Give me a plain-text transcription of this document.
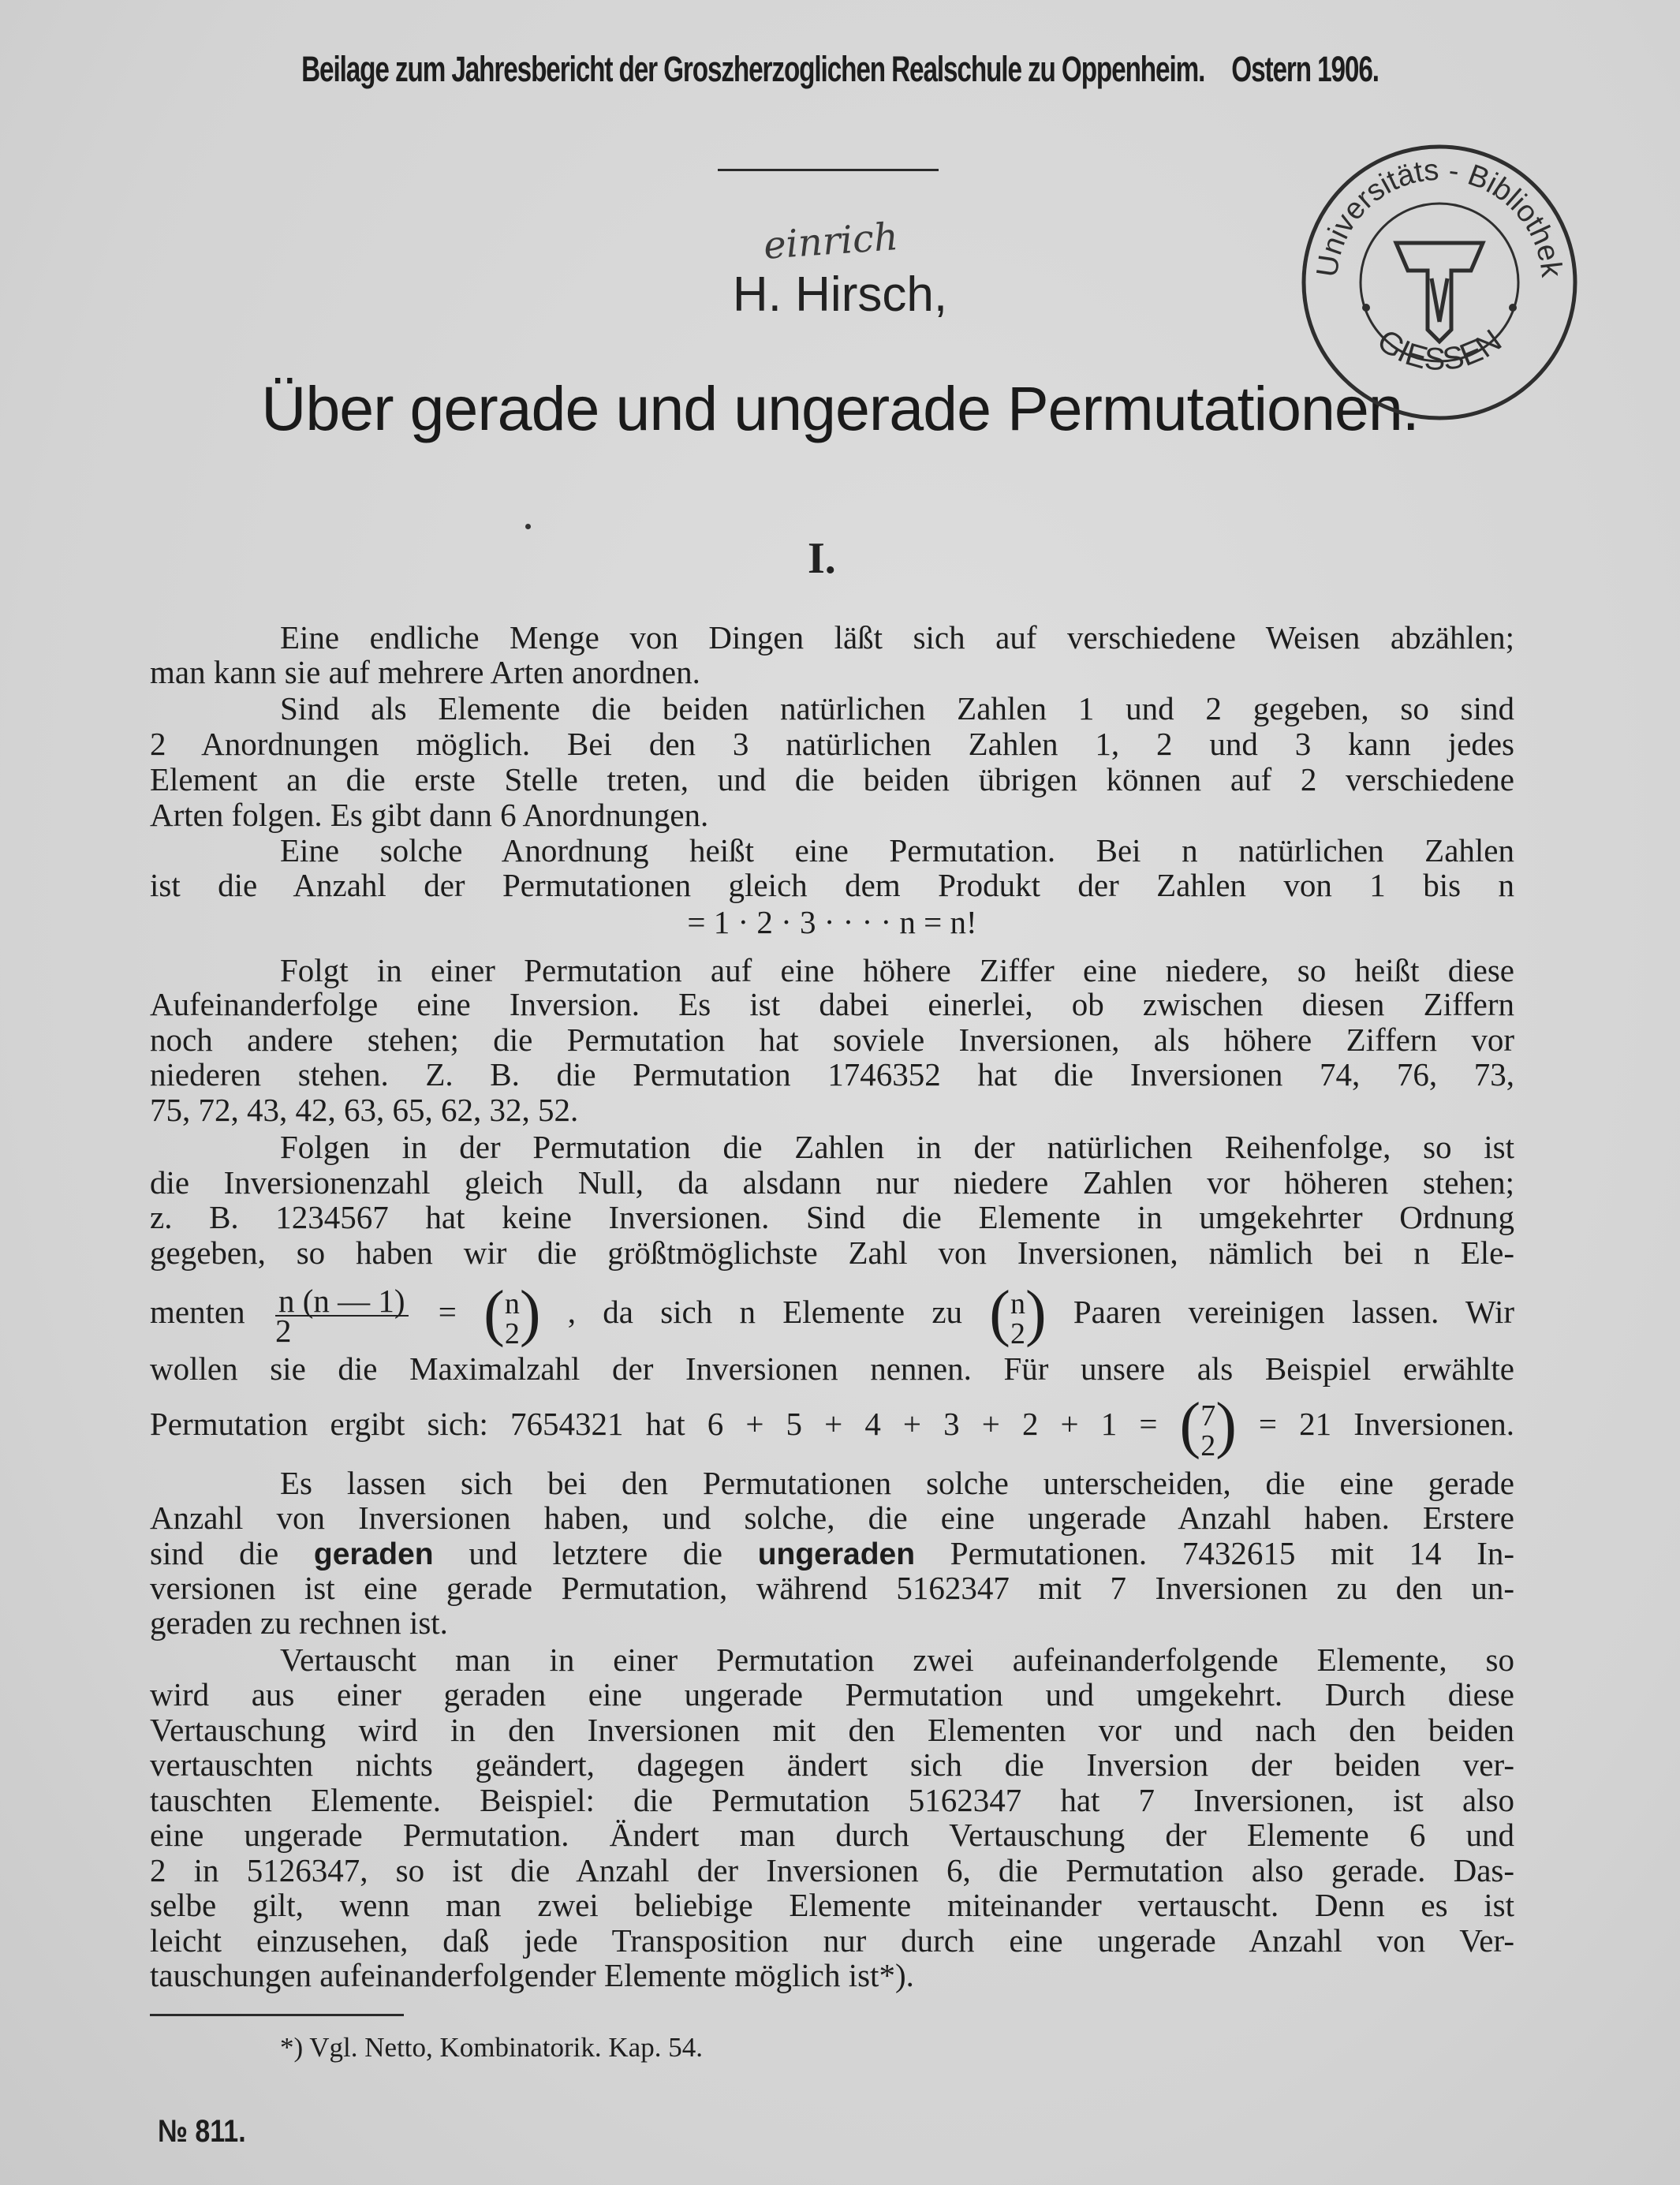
Beilage zum Jahresbericht der Groszherzoglichen Realschule zu Oppenheim. Ostern 1906.
einrich
H. Hirsch,
Über gerade und ungerade Permutationen.
I.
Universitäts - Bibliothek
GIESSEN
Eine endliche Menge von Dingen läßt sich auf verschiedene Weisen abzählen;
man kann sie auf mehrere Arten anordnen.
Sind als Elemente die beiden natürlichen Zahlen 1 und 2 gegeben, so sind
2 Anordnungen möglich. Bei den 3 natürlichen Zahlen 1, 2 und 3 kann jedes
Element an die erste Stelle treten, und die beiden übrigen können auf 2 verschiedene
Arten folgen. Es gibt dann 6 Anordnungen.
Eine solche Anordnung heißt eine Permutation. Bei n natürlichen Zahlen
ist die Anzahl der Permutationen gleich dem Produkt der Zahlen von 1 bis n
= 1 · 2 · 3 · · · · n = n!
Folgt in einer Permutation auf eine höhere Ziffer eine niedere, so heißt diese
Aufeinanderfolge eine Inversion. Es ist dabei einerlei, ob zwischen diesen Ziffern
noch andere stehen; die Permutation hat soviele Inversionen, als höhere Ziffern vor
niederen stehen. Z. B. die Permutation 1746352 hat die Inversionen 74, 76, 73,
75, 72, 43, 42, 63, 65, 62, 32, 52.
Folgen in der Permutation die Zahlen in der natürlichen Reihenfolge, so ist
die Inversionenzahl gleich Null, da alsdann nur niedere Zahlen vor höheren stehen;
z. B. 1234567 hat keine Inversionen. Sind die Elemente in umgekehrter Ordnung
gegeben, so haben wir die größtmöglichste Zahl von Inversionen, nämlich bei n Ele-
menten $\frac{n (n — 1)}{2} = (n$
2) , da sich n Elemente zu (n
2) Paaren vereinigen lassen. Wir
wollen sie die Maximalzahl der Inversionen nennen. Für unsere als Beispiel erwählte
Permutation ergibt sich: 7654321 hat 6 + 5 + 4 + 3 + 2 + 1 = (7
2) = 21 Inversionen.
Es lassen sich bei den Permutationen solche unterscheiden, die eine gerade
Anzahl von Inversionen haben, und solche, die eine ungerade Anzahl haben. Erstere
sind die geraden und letztere die ungeraden Permutationen. 7432615 mit 14 In-
versionen ist eine gerade Permutation, während 5162347 mit 7 Inversionen zu den un-
geraden zu rechnen ist.
Vertauscht man in einer Permutation zwei aufeinanderfolgende Elemente, so
wird aus einer geraden eine ungerade Permutation und umgekehrt. Durch diese
Vertauschung wird in den Inversionen mit den Elementen vor und nach den beiden
vertauschten nichts geändert, dagegen ändert sich die Inversion der beiden ver-
tauschten Elemente. Beispiel: die Permutation 5162347 hat 7 Inversionen, ist also
eine ungerade Permutation. Ändert man durch Vertauschung der Elemente 6 und
2 in 5126347, so ist die Anzahl der Inversionen 6, die Permutation also gerade. Das-
selbe gilt, wenn man zwei beliebige Elemente miteinander vertauscht. Denn es ist
leicht einzusehen, daß jede Transposition nur durch eine ungerade Anzahl von Ver-
tauschungen aufeinanderfolgender Elemente möglich ist*).
*) Vgl. Netto, Kombinatorik. Kap. 54.
№ 811.
